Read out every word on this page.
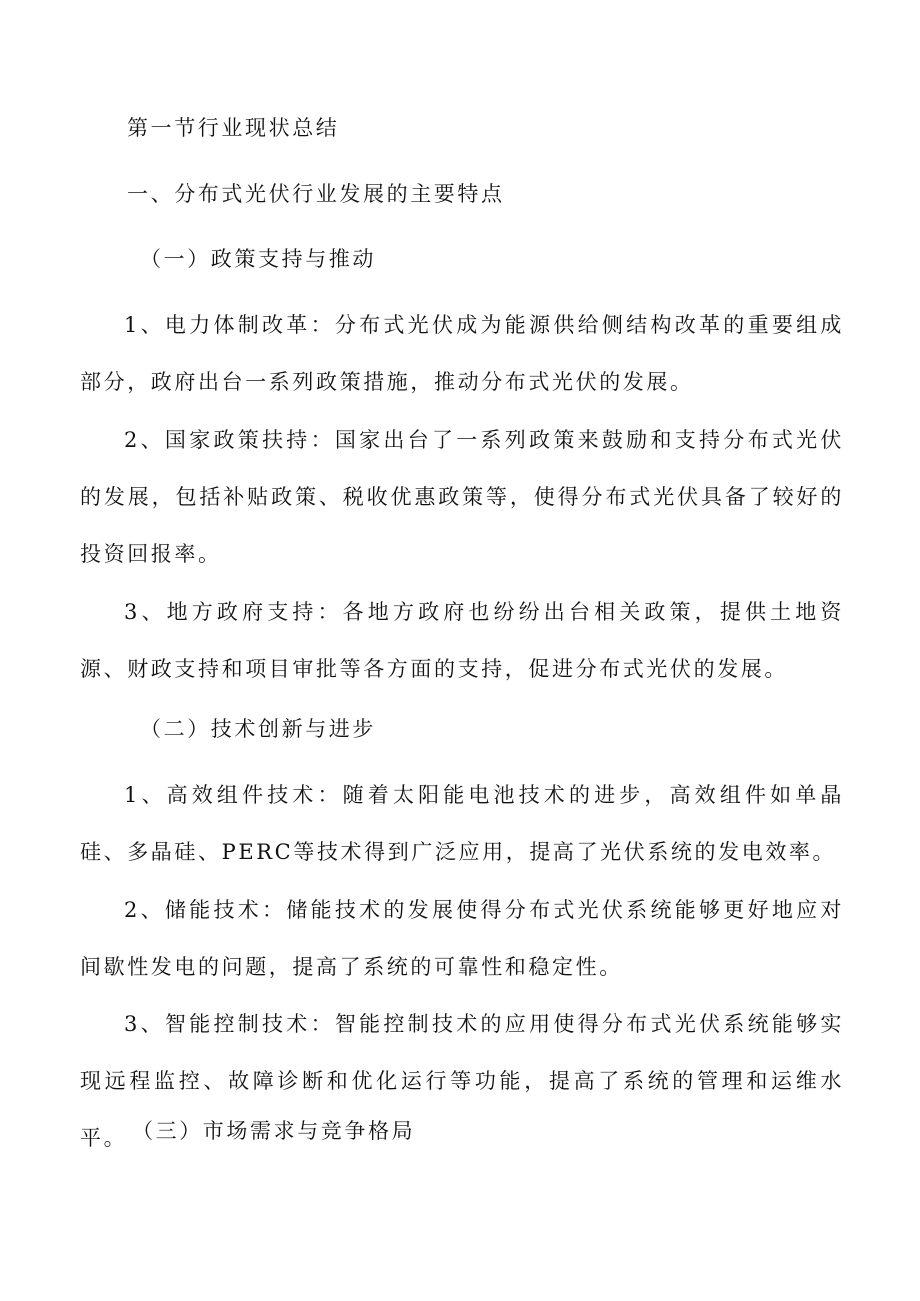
第一节行业现状总结
一、分布式光伏行业发展的主要特点
（一）政策支持与推动
1、电力体制改革：分布式光伏成为能源供给侧结构改革的重要组成部分，政府出台一系列政策措施，推动分布式光伏的发展。
2、国家政策扶持：国家出台了一系列政策来鼓励和支持分布式光伏的发展，包括补贴政策、税收优惠政策等，使得分布式光伏具备了较好的投资回报率。
3、地方政府支持：各地方政府也纷纷出台相关政策，提供土地资源、财政支持和项目审批等各方面的支持，促进分布式光伏的发展。
（二）技术创新与进步
1、高效组件技术：随着太阳能电池技术的进步，高效组件如单晶硅、多晶硅、PERC等技术得到广泛应用，提高了光伏系统的发电效率。
2、储能技术：储能技术的发展使得分布式光伏系统能够更好地应对间歇性发电的问题，提高了系统的可靠性和稳定性。
3、智能控制技术：智能控制技术的应用使得分布式光伏系统能够实现远程监控、故障诊断和优化运行等功能，提高了系统的管理和运维水平。 （三）市场需求与竞争格局
